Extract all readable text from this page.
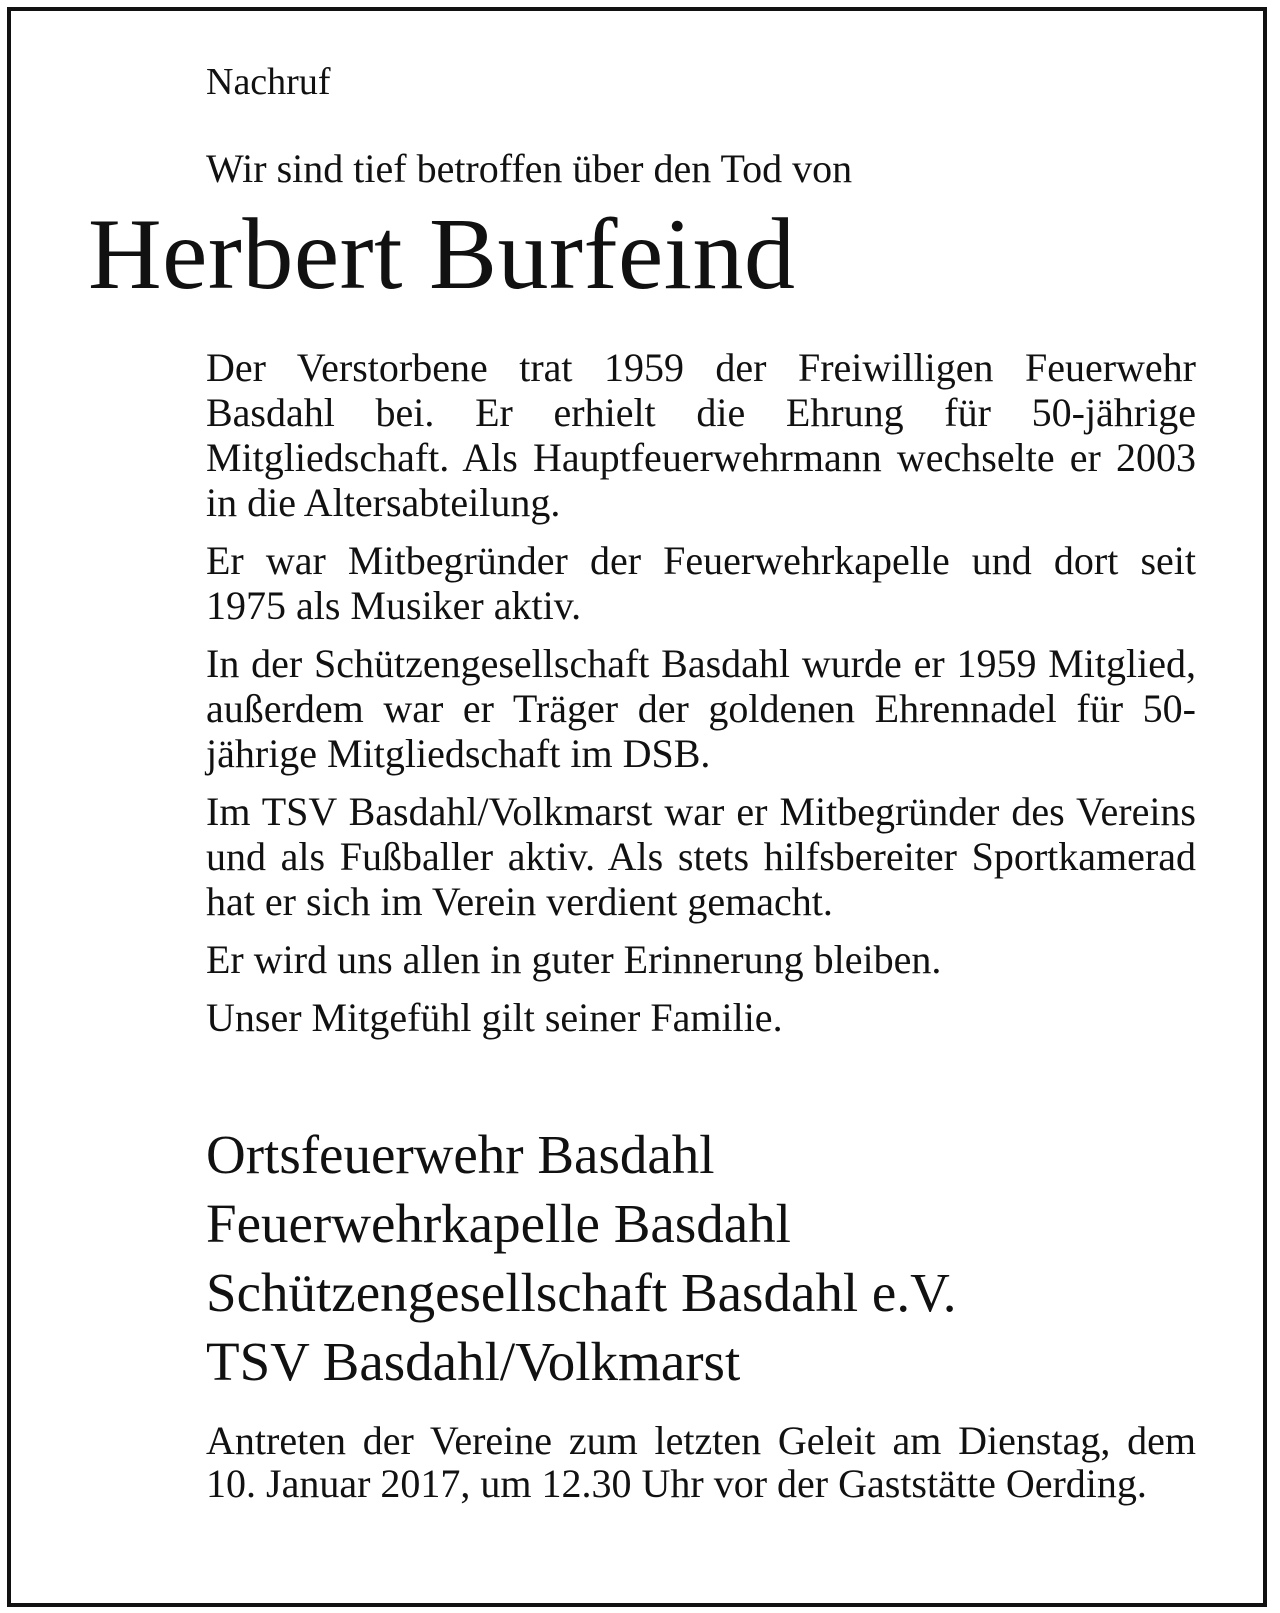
Nachruf

Wir sind tief betroffen über den Tod von

Herbert Burfeind

Der Verstorbene trat 1959 der Freiwilligen Feuerwehr Basdahl bei. Er erhielt die Ehrung für 50-jährige Mitgliedschaft. Als Hauptfeuerwehrmann wechselte er 2003 in die Altersabteilung.

Er war Mitbegründer der Feuerwehrkapelle und dort seit 1975 als Musiker aktiv.

In der Schützengesellschaft Basdahl wurde er 1959 Mitglied, außerdem war er Träger der goldenen Ehrennadel für 50-jährige Mitgliedschaft im DSB.

Im TSV Basdahl/Volkmarst war er Mitbegründer des Vereins und als Fußballer aktiv. Als stets hilfsbereiter Sportkamerad hat er sich im Verein verdient gemacht.

Er wird uns allen in guter Erinnerung bleiben.

Unser Mitgefühl gilt seiner Familie.

Ortsfeuerwehr Basdahl

Feuerwehrkapelle Basdahl

Schützengesellschaft Basdahl e.V.

TSV Basdahl/Volkmarst

Antreten der Vereine zum letzten Geleit am Dienstag, dem 10. Januar 2017, um 12.30 Uhr vor der Gaststätte Oerding.
